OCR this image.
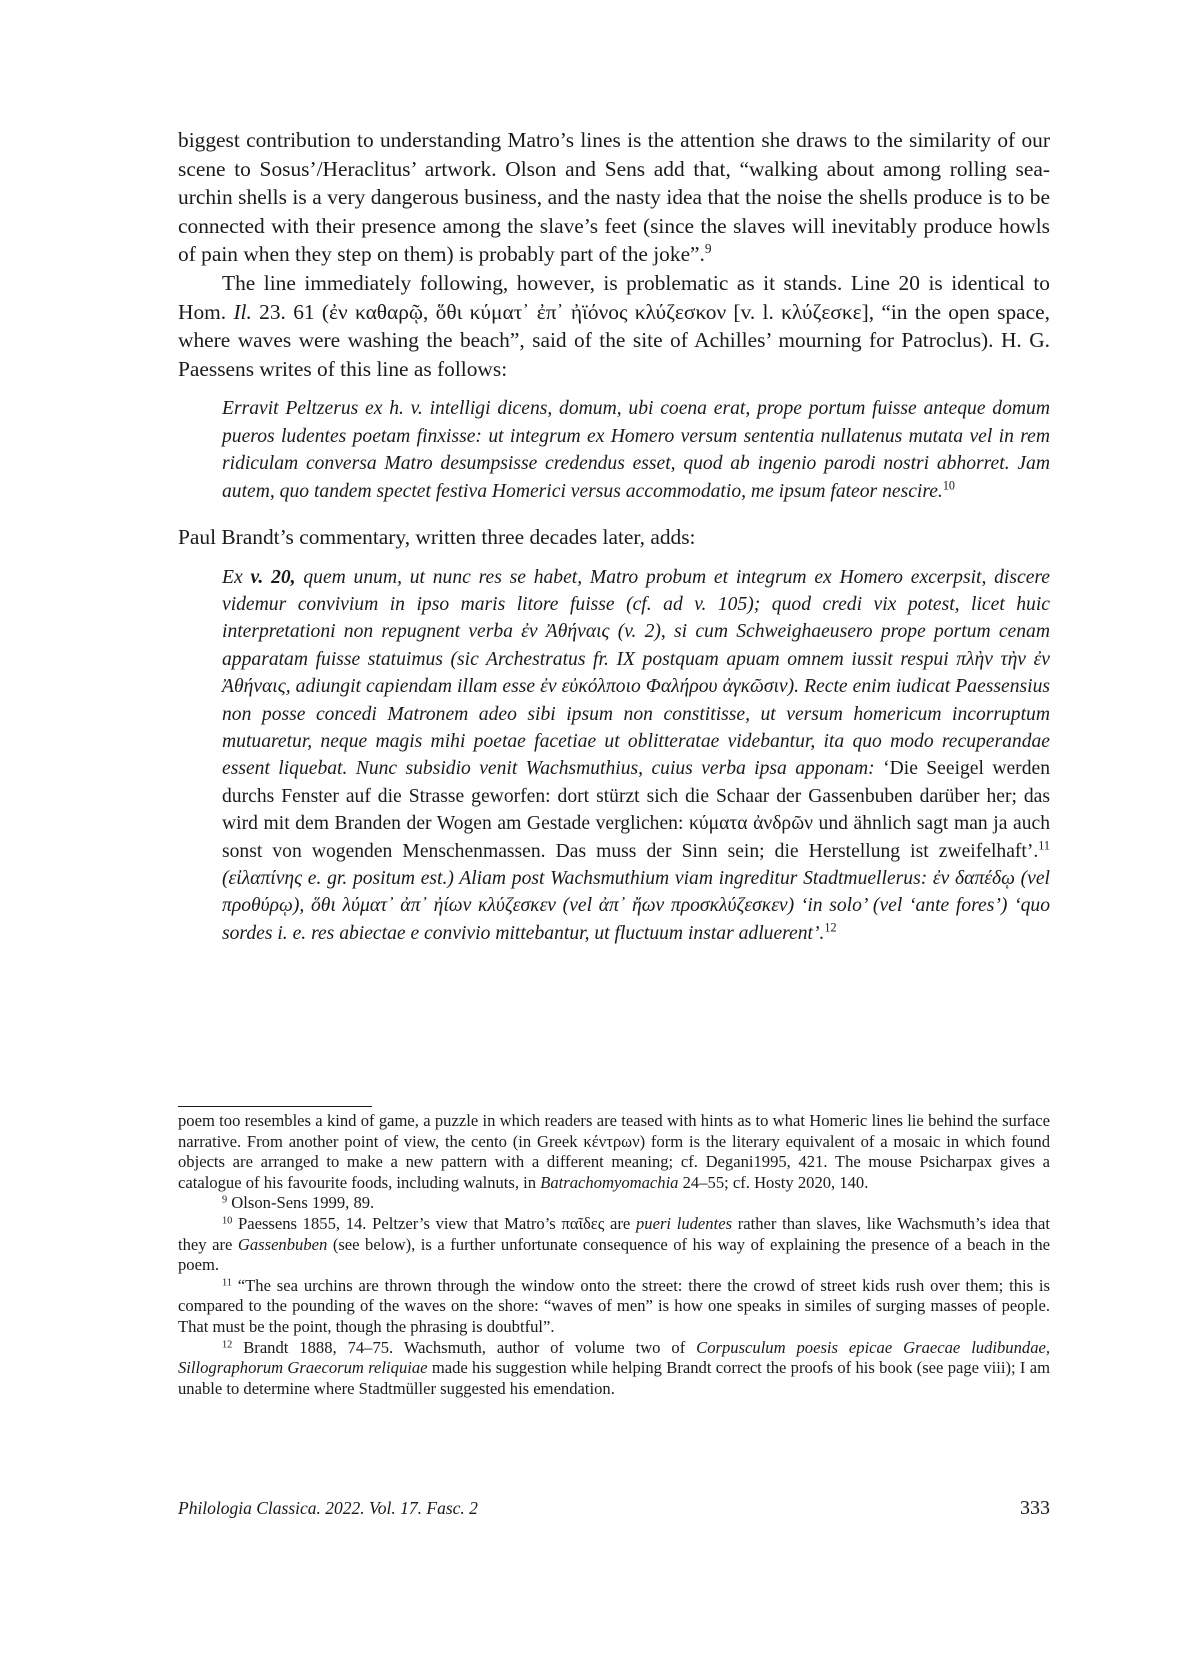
biggest contribution to understanding Matro’s lines is the attention she draws to the similarity of our scene to Sosus’/Heraclitus’ artwork. Olson and Sens add that, “walking about among rolling sea-urchin shells is a very dangerous business, and the nasty idea that the noise the shells produce is to be connected with their presence among the slave’s feet (since the slaves will inevitably produce howls of pain when they step on them) is probably part of the joke”.$^9$

The line immediately following, however, is problematic as it stands. Line 20 is identical to Hom. Il. 23. 61 (ἐν καθαρῷ, ὅθι κύματ᾽ ἐπ᾽ ἠϊόνος κλύζεσκον [v. l. κλύζεσκε], “in the open space, where waves were washing the beach”, said of the site of Achilles’ mourning for Patroclus). H. G. Paessens writes of this line as follows:

Erravit Peltzerus ex h. v. intelligi dicens, domum, ubi coena erat, prope portum fuisse anteque domum pueros ludentes poetam finxisse: ut integrum ex Homero versum sententia nullatenus mutata vel in rem ridiculam conversa Matro desumpsisse credendus esset, quod ab ingenio parodi nostri abhorret. Jam autem, quo tandem spectet festiva Homerici versus accommodatio, me ipsum fateor nescire.$^{10}$

Paul Brandt’s commentary, written three decades later, adds:

Ex v. 20, quem unum, ut nunc res se habet, Matro probum et integrum ex Homero excerpsit, discere videmur convivium in ipso maris litore fuisse (cf. ad v. 105); quod credi vix potest, licet huic interpretationi non repugnent verba ἐν Ἀθήναις (v. 2), si cum Schweighaeusero prope portum cenam apparatam fuisse statuimus (sic Archestratus fr. IX postquam apuam omnem iussit respui πλὴν τὴν ἐν Ἀθήναις, adiungit capiendam illam esse ἐν εὐκόλποιο Φαλήρου ἀγκῶσιν). Recte enim iudicat Paessensius non posse concedi Matronem adeo sibi ipsum non constitisse, ut versum homericum incorruptum mutuaretur, neque magis mihi poetae facetiae ut oblitteratae videbantur, ita quo modo recuperandae essent liquebat. Nunc subsidio venit Wachsmuthius, cuius verba ipsa apponam: ‘Die Seeigel werden durchs Fenster auf die Strasse geworfen: dort stürzt sich die Schaar der Gassenbuben darüber her; das wird mit dem Branden der Wogen am Gestade verglichen: κύματα ἀνδρῶν und ähnlich sagt man ja auch sonst von wogenden Menschenmassen. Das muss der Sinn sein; die Herstellung ist zweifelhaft’.$^{11}$ (εἰλαπίνης e. gr. positum est.) Aliam post Wachsmuthium viam ingreditur Stadtmuellerus: ἐν δαπέδῳ (vel προθύρῳ), ὅθι λύματ᾽ ἀπ᾽ ἠίων κλύζεσκεν (vel ἀπ᾽ ἤων προσκλύζεσκεν) ‘in solo’ (vel ‘ante fores’) ‘quo sordes i. e. res abiectae e convivio mittebantur, ut fluctuum instar adluerent’.$^{12}$

poem too resembles a kind of game, a puzzle in which readers are teased with hints as to what Homeric lines lie behind the surface narrative. From another point of view, the cento (in Greek κέντρων) form is the literary equivalent of a mosaic in which found objects are arranged to make a new pattern with a different meaning; cf. Degani1995, 421. The mouse Psicharpax gives a catalogue of his favourite foods, including walnuts, in Batrachomyomachia 24–55; cf. Hosty 2020, 140.

$^9$ Olson-Sens 1999, 89.

$^{10}$ Paessens 1855, 14. Peltzer’s view that Matro’s παῖδες are pueri ludentes rather than slaves, like Wachsmuth’s idea that they are Gassenbuben (see below), is a further unfortunate consequence of his way of explaining the presence of a beach in the poem.

$^{11}$ “The sea urchins are thrown through the window onto the street: there the crowd of street kids rush over them; this is compared to the pounding of the waves on the shore: “waves of men” is how one speaks in similes of surging masses of people. That must be the point, though the phrasing is doubtful”.

$^{12}$ Brandt 1888, 74–75. Wachsmuth, author of volume two of Corpusculum poesis epicae Graecae ludibundae, Sillographorum Graecorum reliquiae made his suggestion while helping Brandt correct the proofs of his book (see page viii); I am unable to determine where Stadtmüller suggested his emendation.

Philologia Classica. 2022. Vol. 17. Fasc. 2	333
